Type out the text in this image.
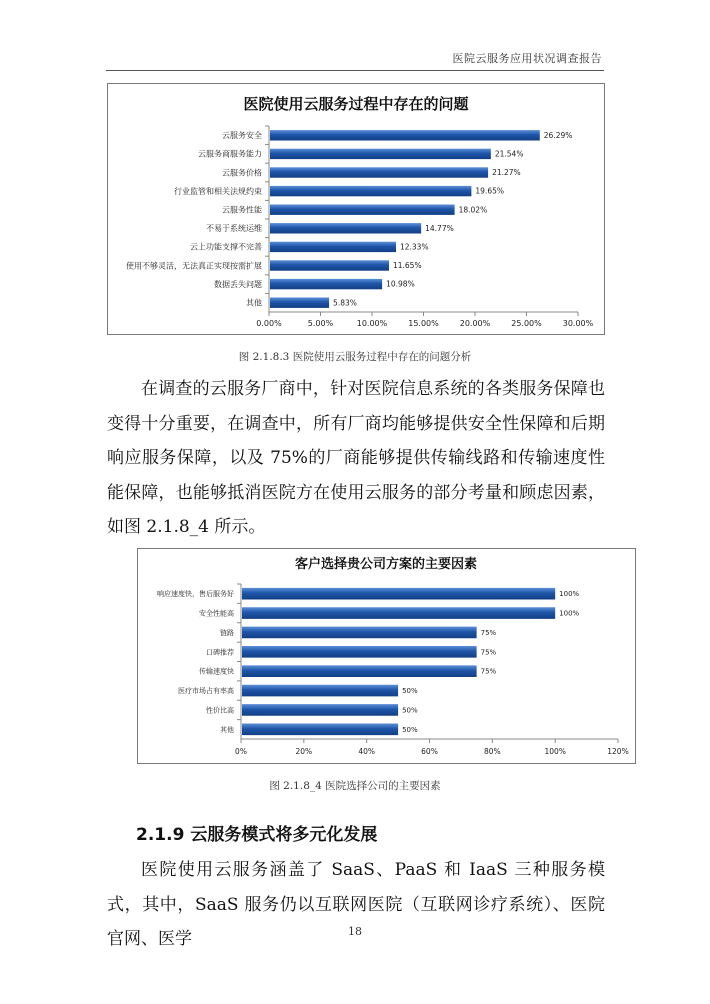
医院云服务应用状况调查报告
医院使用云服务过程中存在的问题
0.00%	5.00%	10.00%	15.00%	20.00%	25.00%	30.00%
云服务安全	26.29%
云服务商服务能力	21.54%
云服务价格	21.27%
行业监管和相关法规约束	19.65%
云服务性能	18.02%
不易于系统运维	14.77%
云上功能支撑不完善	12.33%
使用不够灵活，无法真正实现按需扩展	11.65%
数据丢失问题	10.98%
其他	5.83%
图 2.1.8.3 医院使用云服务过程中存在的问题分析

在调查的云服务厂商中，针对医院信息系统的各类服务保障也变得十分重要，在调查中，所有厂商均能够提供安全性保障和后期响应服务保障，以及 75%的厂商能够提供传输线路和传输速度性能保障，也能够抵消医院方在使用云服务的部分考量和顾虑因素，如图 2.1.8_4 所示。

客户选择贵公司方案的主要因素
0%	20%	40%	60%	80%	100%	120%
响应速度快，售后服务好	100%
安全性能高	100%
链路	75%
口碑推荐	75%
传输速度快	75%
医疗市场占有率高	50%
性价比高	50%
其他	50%
图 2.1.8_4 医院选择公司的主要因素
2.1.9 云服务模式将多元化发展

医院使用云服务涵盖了 SaaS、PaaS 和 IaaS 三种服务模式，其中，SaaS 服务仍以互联网医院（互联网诊疗系统）、医院官网、医学	18
